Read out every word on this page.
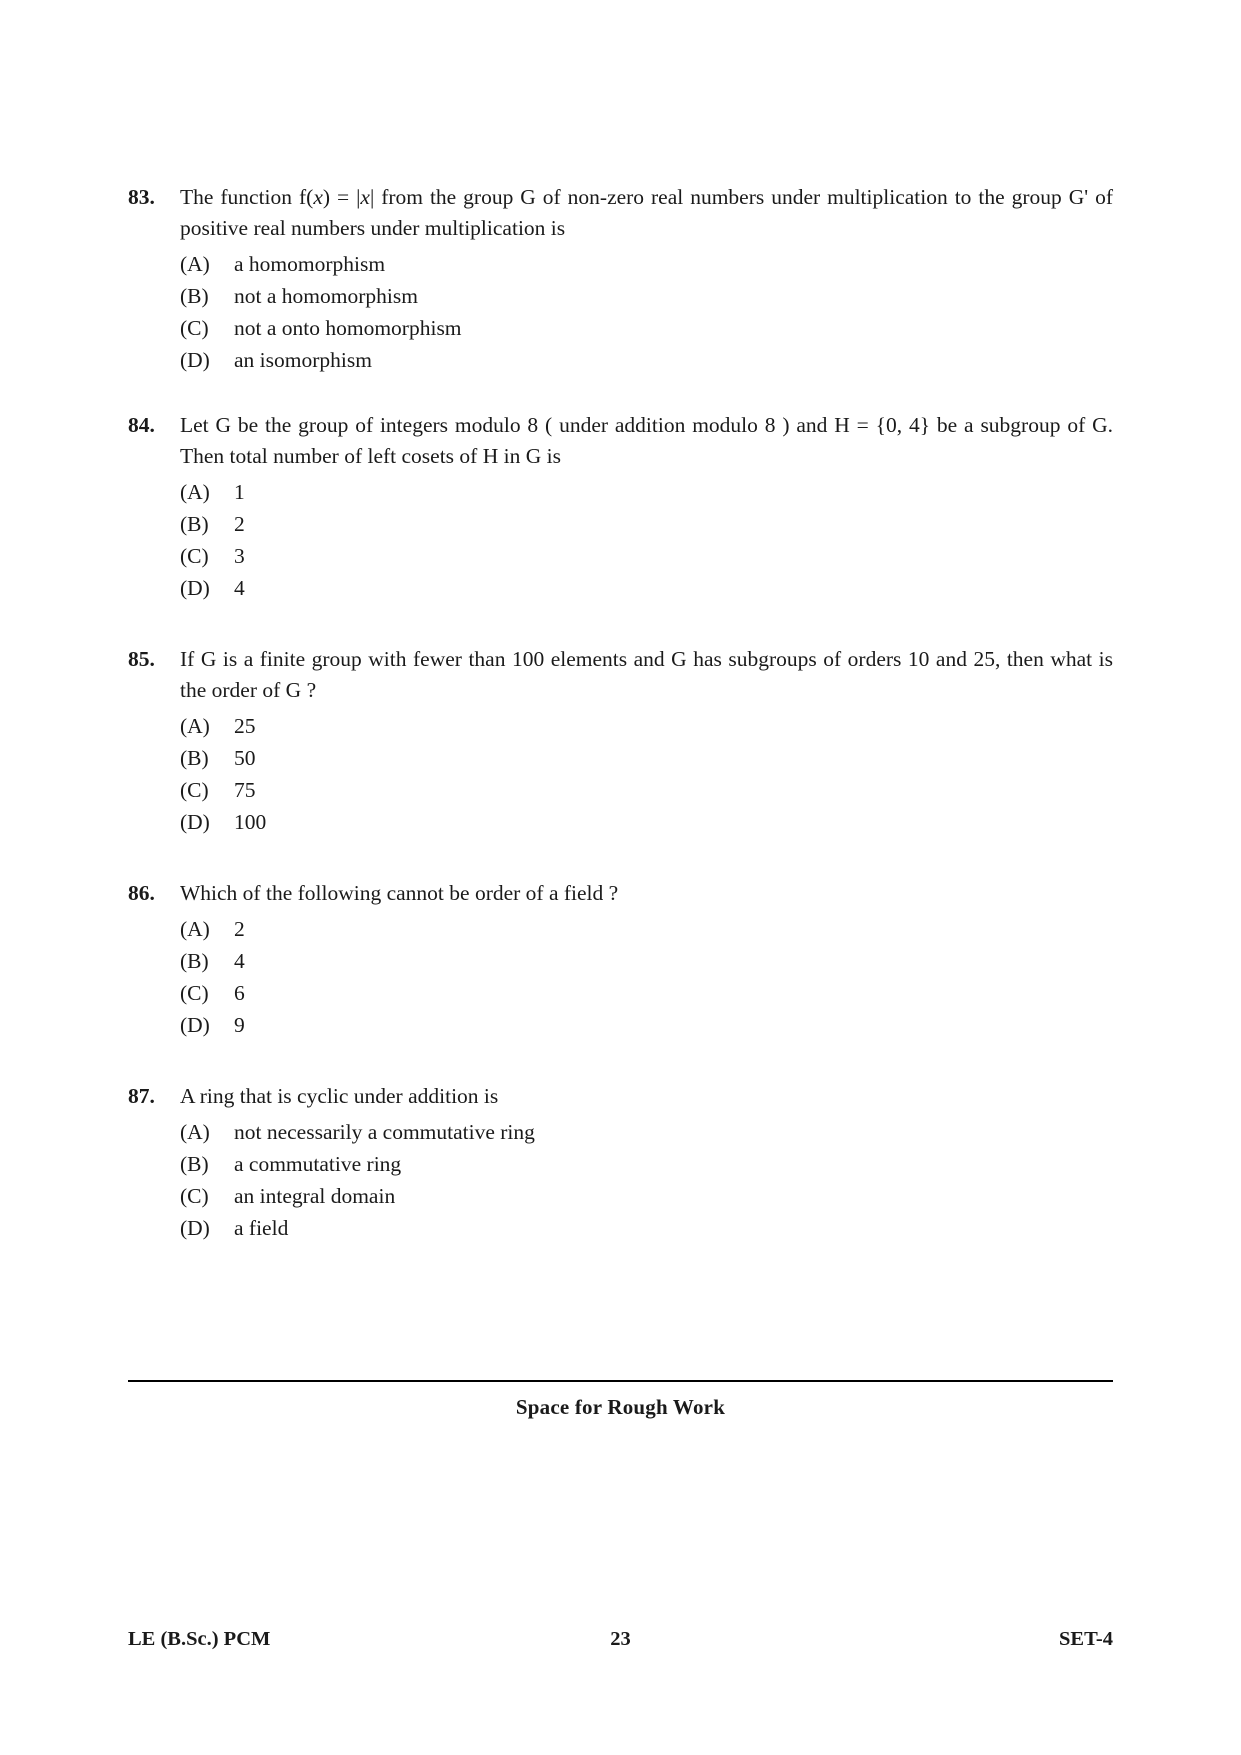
83.	The function f(x) = |x| from the group G of non-zero real numbers under multiplication to the group G' of positive real numbers under multiplication is
(A)	a homomorphism
(B)	not a homomorphism
(C)	not a onto homomorphism
(D)	an isomorphism
84.	Let G be the group of integers modulo 8 ( under addition modulo 8 ) and H = {0, 4} be a subgroup of G. Then total number of left cosets of H in G is
(A)	1
(B)	2
(C)	3
(D)	4
85.	If G is a finite group with fewer than 100 elements and G has subgroups of orders 10 and 25, then what is the order of G ?
(A)	25
(B)	50
(C)	75
(D)	100
86.	Which of the following cannot be order of a field ?
(A)	2
(B)	4
(C)	6
(D)	9
87.	A ring that is cyclic under addition is
(A)	not necessarily a commutative ring
(B)	a commutative ring
(C)	an integral domain
(D)	a field
Space for Rough Work
LE (B.Sc.) PCM	23	SET-4
